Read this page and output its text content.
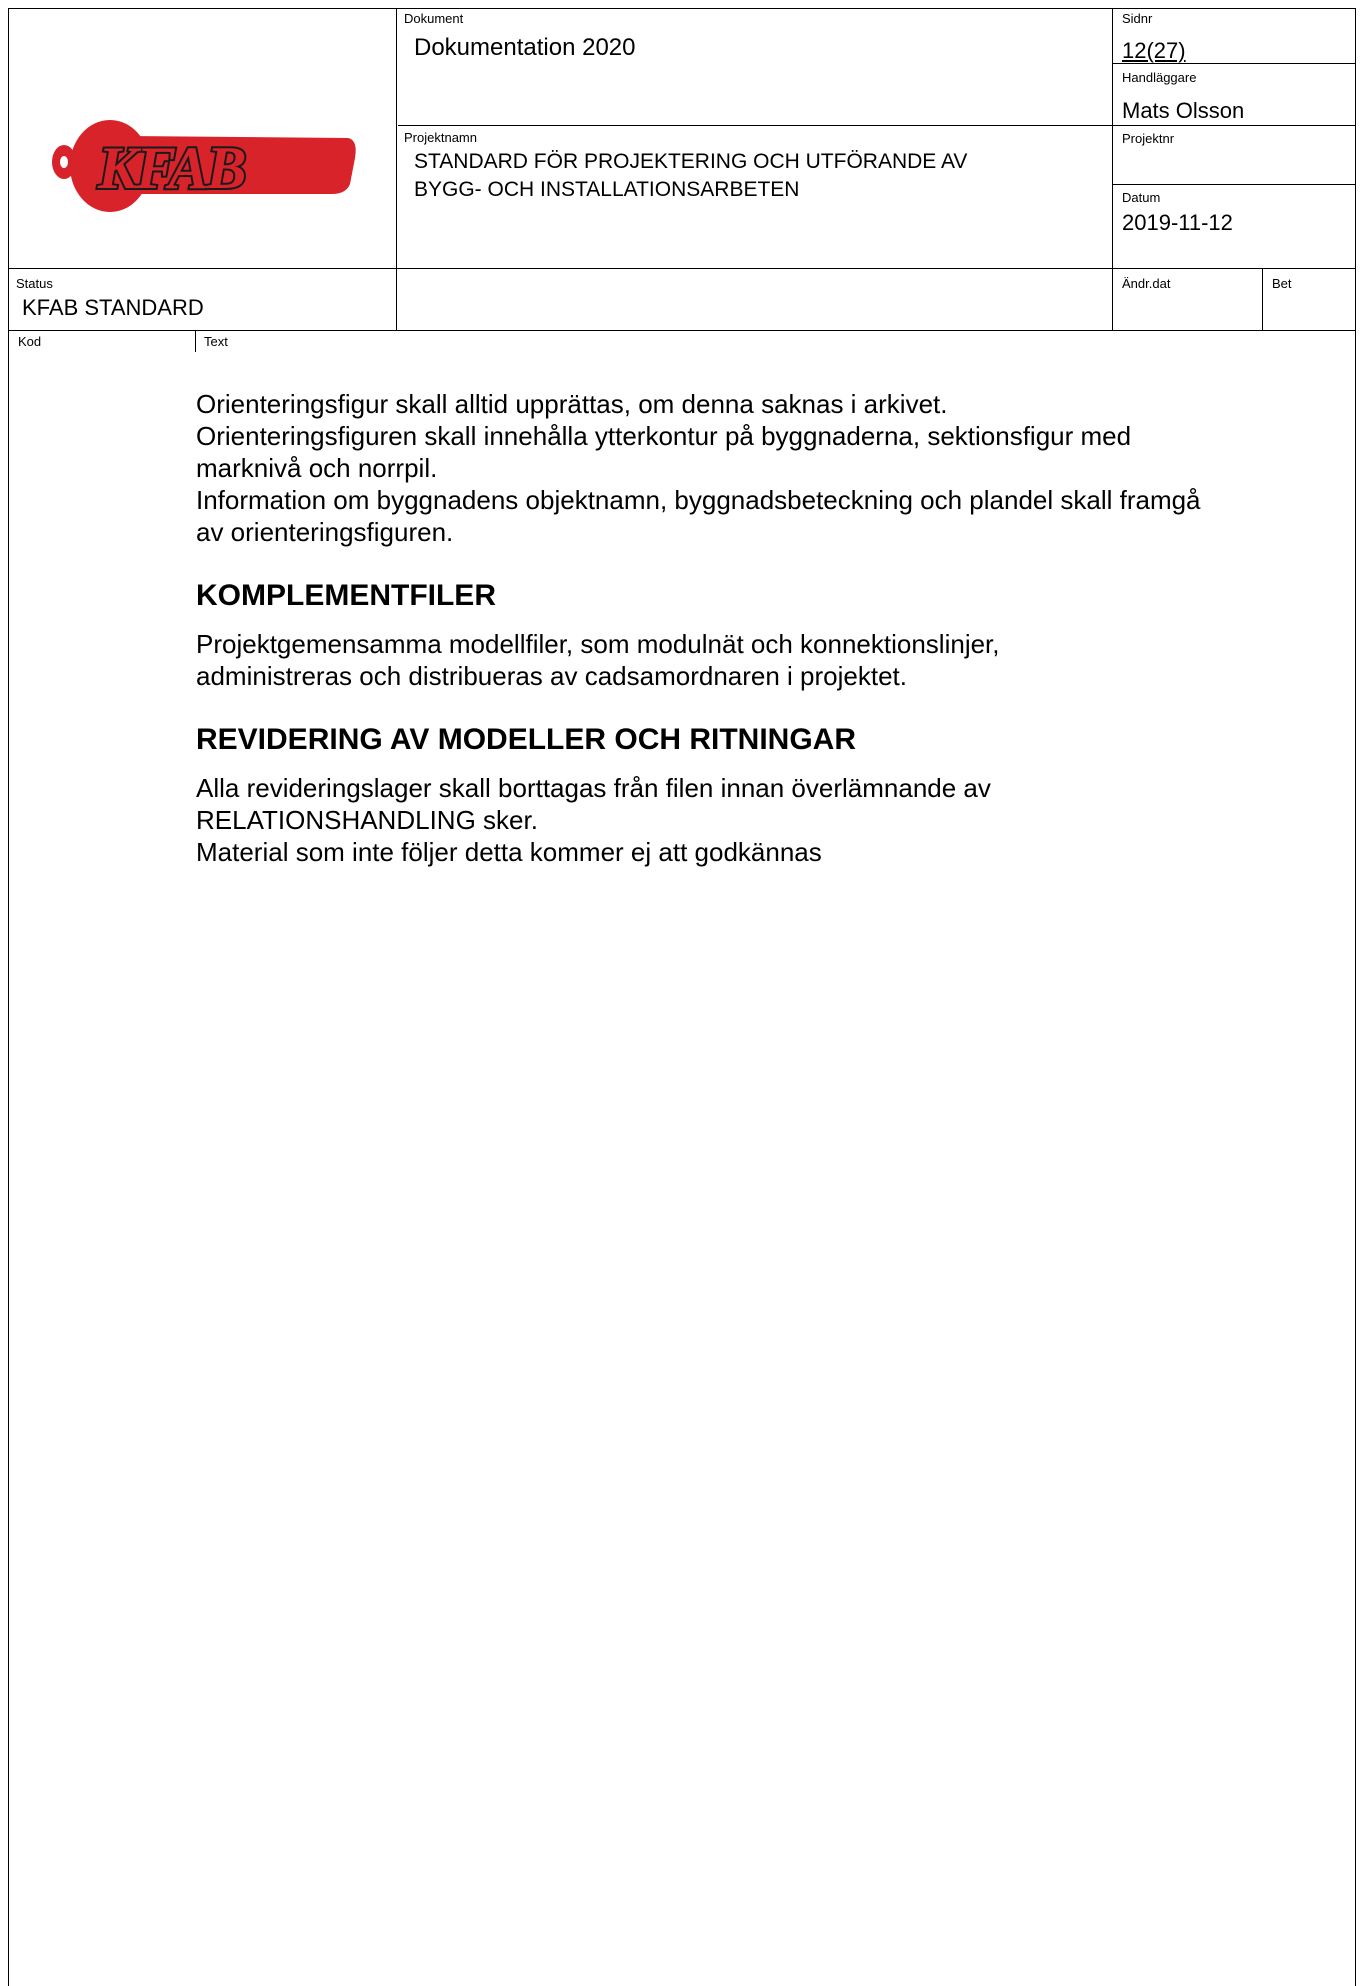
KFAB
Dokument
Dokumentation 2020
Sidnr
12(27)
Handläggare
Mats Olsson
Projektnamn
STANDARD FÖR PROJEKTERING OCH UTFÖRANDE AV
BYGG- OCH INSTALLATIONSARBETEN
Projektnr
Datum
2019-11-12
Status
KFAB STANDARD
Ändr.dat	Bet
Kod	Text

Orienteringsfigur skall alltid upprättas, om denna saknas i arkivet.

Orienteringsfiguren skall innehålla ytterkontur på byggnaderna, sektionsfigur med

marknivå och norrpil.

Information om byggnadens objektnamn, byggnadsbeteckning och plandel skall framgå

av orienteringsfiguren.

KOMPLEMENTFILER

Projektgemensamma modellfiler, som modulnät och konnektionslinjer,

administreras och distribueras av cadsamordnaren i projektet.

REVIDERING AV MODELLER OCH RITNINGAR

Alla revideringslager skall borttagas från filen innan överlämnande av

RELATIONSHANDLING sker.

Material som inte följer detta kommer ej att godkännas
